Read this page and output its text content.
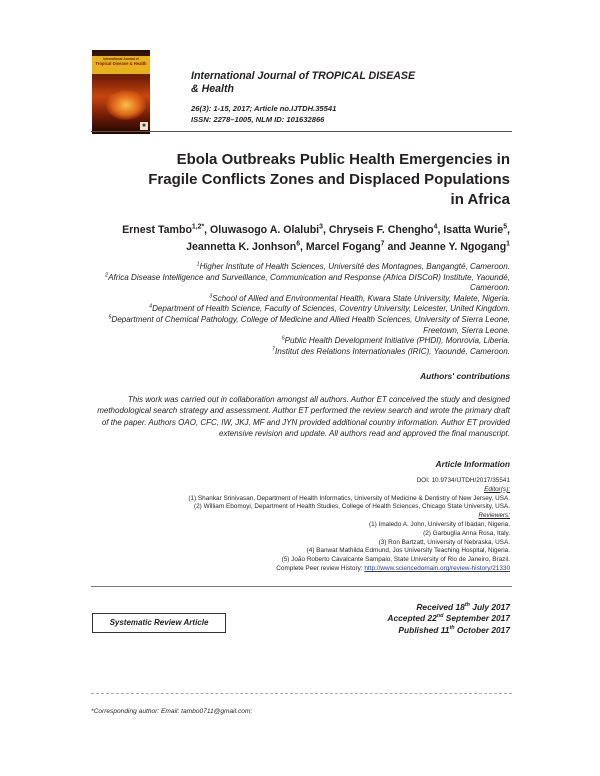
International Journal of
Tropical Disease & Health
✱
International Journal of TROPICAL DISEASE
& Health
26(3): 1-15, 2017; Article no.IJTDH.35541
ISSN: 2278–1005, NLM ID: 101632866
Ebola Outbreaks Public Health Emergencies in
Fragile Conflicts Zones and Displaced Populations
in Africa
Ernest Tambo$^{1,2*}$, Oluwasogo A. Olalubi$^3$, Chryseis F. Chengho$^4$, Isatta Wurie$^5$,
Jeannetta K. Jonhson$^6$, Marcel Fogang$^7$ and Jeanne Y. Ngogang$^1$
$^1$Higher Institute of Health Sciences, Université des Montagnes, Bangangté, Cameroon.
$^2$Africa Disease Intelligence and Surveillance, Communication and Response (Africa DISCoR) Institute, Yaoundé, Cameroon.
$^3$School of Allied and Environmental Health, Kwara State University, Malete, Nigeria.
$^4$Department of Health Science, Faculty of Sciences, Coventry University, Leicester, United Kingdom.
$^5$Department of Chemical Pathology, College of Medicine and Allied Health Sciences, University of Sierra Leone, Freetown, Sierra Leone.
$^6$Public Health Development Initiative (PHDI), Monrovia, Liberia.
$^7$Institut des Relations Internationales (IRIC), Yaoundé, Cameroon.
Authors' contributions
This work was carried out in collaboration amongst all authors. Author ET conceived the study and designed methodological search strategy and assessment. Author ET performed the review search and wrote the primary draft of the paper. Authors OAO, CFC, IW, JKJ, MF and JYN provided additional country information. Author ET provided extensive revision and update. All authors read and approved the final manuscript.
Article Information
DOI: 10.9734/IJTDH/2017/35541
Editor(s):
(1) Shankar Srinivasan, Department of Health Informatics, University of Medicine & Dentistry of New Jersey, USA.
(2) William Ebomoyi, Department of Health Studies, College of Health Sciences, Chicago State University, USA.
Reviewers:
(1) Imaledo A. John, University of Ibadan, Nigeria.
(2) Garbuglia Anna Rosa, Italy.
(3) Ron Bartzatt, University of Nebraska, USA.
(4) Banwat Mathilda Edmund, Jos University Teaching Hospital, Nigeria.
(5) João Roberto Cavalcante Sampaio, State University of Rio de Janeiro, Brazil.
Complete Peer review History: http://www.sciencedomain.org/review-history/21330
Systematic Review Article
Received 18th July 2017
Accepted 22nd September 2017
Published 11th October 2017
*Corresponding author: Email: tambo0711@gmail.com;
